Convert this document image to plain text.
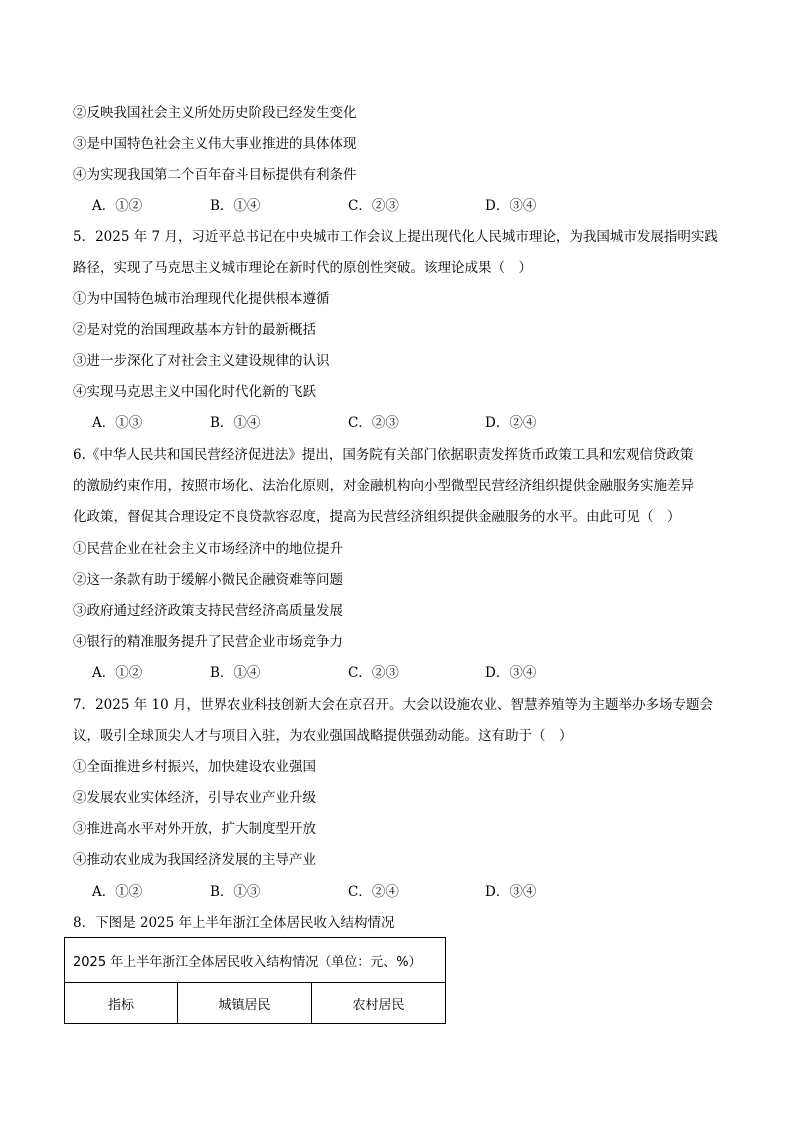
②反映我国社会主义所处历史阶段已经发生变化
③是中国特色社会主义伟大事业推进的具体体现
④为实现我国第二个百年奋斗目标提供有利条件
A．①②	B．①④	C．②③	D．③④
5．2025 年 7 月，习近平总书记在中央城市工作会议上提出现代化人民城市理论，为我国城市发展指明实践
路径，实现了马克思主义城市理论在新时代的原创性突破。该理论成果（　）
①为中国特色城市治理现代化提供根本遵循
②是对党的治国理政基本方针的最新概括
③进一步深化了对社会主义建设规律的认识
④实现马克思主义中国化时代化新的飞跃
A．①③	B．①④	C．②③	D．②④
6.《中华人民共和国民营经济促进法》提出，国务院有关部门依据职责发挥货币政策工具和宏观信贷政策
的激励约束作用，按照市场化、法治化原则，对金融机构向小型微型民营经济组织提供金融服务实施差异
化政策，督促其合理设定不良贷款容忍度，提高为民营经济组织提供金融服务的水平。由此可见（　）
①民营企业在社会主义市场经济中的地位提升
②这一条款有助于缓解小微民企融资难等问题
③政府通过经济政策支持民营经济高质量发展
④银行的精准服务提升了民营企业市场竞争力
A．①②	B．①④	C．②③	D．③④
7．2025 年 10 月，世界农业科技创新大会在京召开。大会以设施农业、智慧养殖等为主题举办多场专题会
议，吸引全球顶尖人才与项目入驻，为农业强国战略提供强劲动能。这有助于（　）
①全面推进乡村振兴，加快建设农业强国
②发展农业实体经济，引导农业产业升级
③推进高水平对外开放，扩大制度型开放
④推动农业成为我国经济发展的主导产业
A．①②	B．①③	C．②④	D．③④
8．下图是 2025 年上半年浙江全体居民收入结构情况
2025 年上半年浙江全体居民收入结构情况（单位：元、%）
指标	城镇居民	农村居民
